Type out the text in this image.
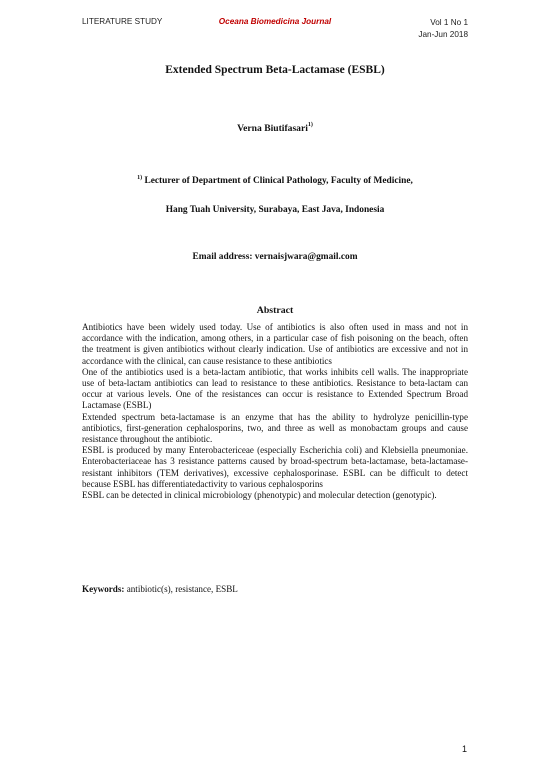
LITERATURE STUDY	Oceana Biomedicina Journal	Vol 1 No 1
Jan-Jun 2018
Extended Spectrum Beta-Lactamase (ESBL)
Verna Biutifasari$^{1)}$
$^{1)}$ Lecturer of Department of Clinical Pathology, Faculty of Medicine,
Hang Tuah University, Surabaya, East Java, Indonesia
Email address: vernaisjwara@gmail.com
Abstract

Antibiotics have been widely used today. Use of antibiotics is also often used in mass and not in accordance with the indication, among others, in a particular case of fish poisoning on the beach, often the treatment is given antibiotics without clearly indication. Use of antibiotics are excessive and not in accordance with the clinical, can cause resistance to these antibiotics

One of the antibiotics used is a beta-lactam antibiotic, that works inhibits cell walls. The inappropriate use of beta-lactam antibiotics can lead to resistance to these antibiotics. Resistance to beta-lactam can occur at various levels. One of the resistances can occur is resistance to Extended Spectrum Broad Lactamase (ESBL)

Extended spectrum beta-lactamase is an enzyme that has the ability to hydrolyze penicillin-type antibiotics, first-generation cephalosporins, two, and three as well as monobactam groups and cause resistance throughout the antibiotic.

ESBL is produced by many Enterobactericeae (especially Escherichia coli) and Klebsiella pneumoniae. Enterobacteriaceae has 3 resistance patterns caused by broad-spectrum beta-lactamase, beta-lactamase-resistant inhibitors (TEM derivatives), excessive cephalosporinase. ESBL can be difficult to detect because ESBL has differentiatedactivity to various cephalosporins

ESBL can be detected in clinical microbiology (phenotypic) and molecular detection (genotypic).

Keywords: antibiotic(s), resistance, ESBL
1
